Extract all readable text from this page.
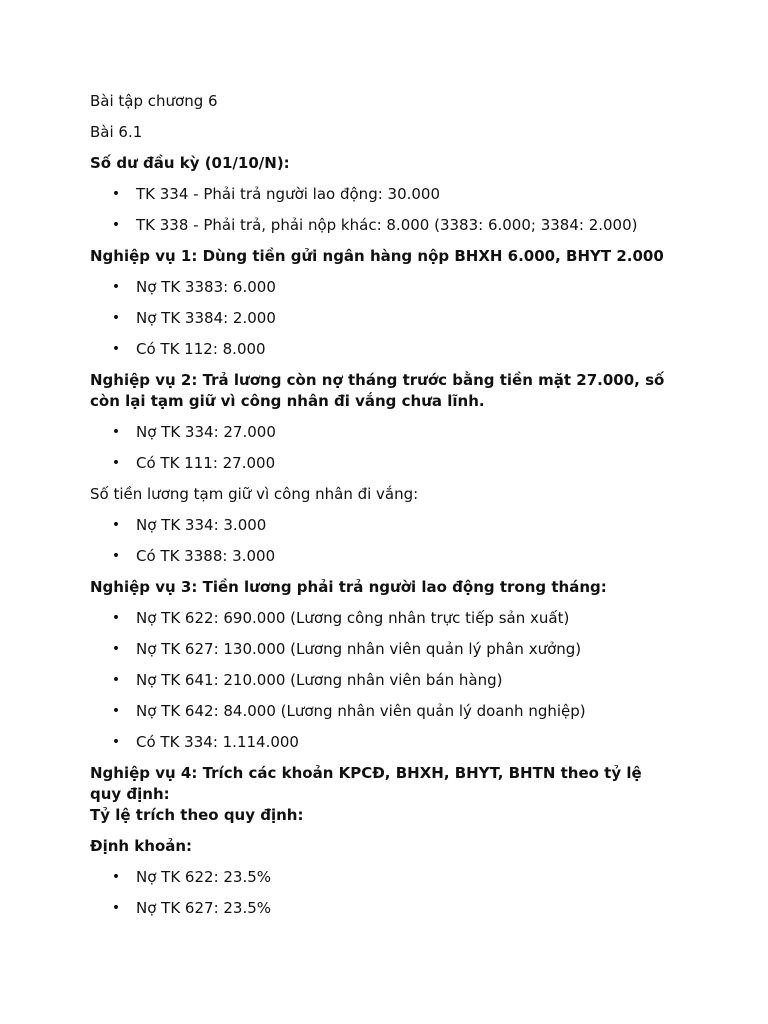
Bài tập chương 6

Bài 6.1

Số dư đầu kỳ (01/10/N):

• TK 334 - Phải trả người lao động: 30.000
• TK 338 - Phải trả, phải nộp khác: 8.000 (3383: 6.000; 3384: 2.000)

Nghiệp vụ 1: Dùng tiền gửi ngân hàng nộp BHXH 6.000, BHYT 2.000

• Nợ TK 3383: 6.000
• Nợ TK 3384: 2.000
• Có TK 112: 8.000

Nghiệp vụ 2: Trả lương còn nợ tháng trước bằng tiền mặt 27.000, số

còn lại tạm giữ vì công nhân đi vắng chưa lĩnh.

• Nợ TK 334: 27.000
• Có TK 111: 27.000

Số tiền lương tạm giữ vì công nhân đi vắng:

• Nợ TK 334: 3.000
• Có TK 3388: 3.000

Nghiệp vụ 3: Tiền lương phải trả người lao động trong tháng:

• Nợ TK 622: 690.000 (Lương công nhân trực tiếp sản xuất)
• Nợ TK 627: 130.000 (Lương nhân viên quản lý phân xưởng)
• Nợ TK 641: 210.000 (Lương nhân viên bán hàng)
• Nợ TK 642: 84.000 (Lương nhân viên quản lý doanh nghiệp)
• Có TK 334: 1.114.000

Nghiệp vụ 4: Trích các khoản KPCĐ, BHXH, BHYT, BHTN theo tỷ lệ

quy định:

Tỷ lệ trích theo quy định:

Định khoản:

• Nợ TK 622: 23.5%
• Nợ TK 627: 23.5%
